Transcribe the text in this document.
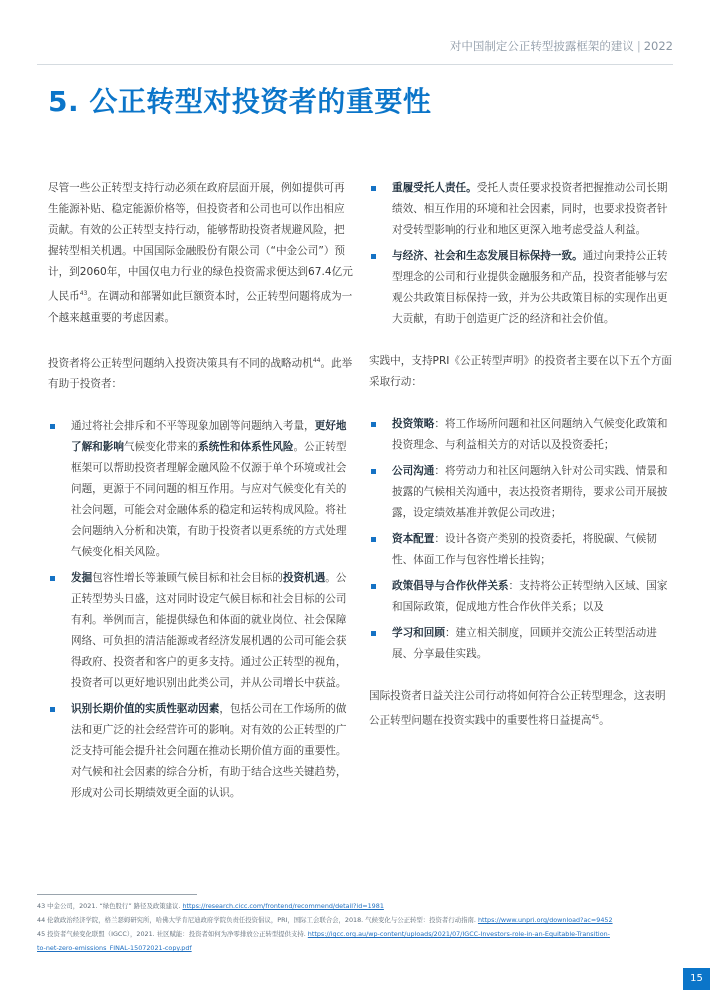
对中国制定公正转型披露框架的建议 | 2022
5. 公正转型对投资者的重要性

尽管一些公正转型支持行动必须在政府层面开展，例如提供可再生能源补贴、稳定能源价格等，但投资者和公司也可以作出相应贡献。有效的公正转型支持行动，能够帮助投资者规避风险，把握转型相关机遇。中国国际金融股份有限公司（“中金公司”）预计，到2060年，中国仅电力行业的绿色投资需求便达到67.4亿元人民币$^{43}$。在调动和部署如此巨额资本时，公正转型问题将成为一个越来越重要的考虑因素。

投资者将公正转型问题纳入投资决策具有不同的战略动机$^{44}$。此举有助于投资者：

通过将社会排斥和不平等现象加剧等问题纳入考量，更好地了解和影响气候变化带来的系统性和体系性风险。公正转型框架可以帮助投资者理解金融风险不仅源于单个环境或社会问题，更源于不同问题的相互作用。与应对气候变化有关的社会问题，可能会对金融体系的稳定和运转构成风险。将社会问题纳入分析和决策，有助于投资者以更系统的方式处理气候变化相关风险。
发掘包容性增长等兼顾气候目标和社会目标的投资机遇。公正转型势头日盛，这对同时设定气候目标和社会目标的公司有利。举例而言，能提供绿色和体面的就业岗位、社会保障网络、可负担的清洁能源或者经济发展机遇的公司可能会获得政府、投资者和客户的更多支持。通过公正转型的视角，投资者可以更好地识别出此类公司，并从公司增长中获益。
识别长期价值的实质性驱动因素，包括公司在工作场所的做法和更广泛的社会经营许可的影响。对有效的公正转型的广泛支持可能会提升社会问题在推动长期价值方面的重要性。对气候和社会因素的综合分析，有助于结合这些关键趋势，形成对公司长期绩效更全面的认识。
重履受托人责任。受托人责任要求投资者把握推动公司长期绩效、相互作用的环境和社会因素，同时，也要求投资者针对受转型影响的行业和地区更深入地考虑受益人利益。
与经济、社会和生态发展目标保持一致。通过向秉持公正转型理念的公司和行业提供金融服务和产品，投资者能够与宏观公共政策目标保持一致，并为公共政策目标的实现作出更大贡献，有助于创造更广泛的经济和社会价值。

实践中，支持PRI《公正转型声明》的投资者主要在以下五个方面采取行动：

投资策略：将工作场所问题和社区问题纳入气候变化政策和投资理念、与利益相关方的对话以及投资委托；
公司沟通：将劳动力和社区问题纳入针对公司实践、情景和披露的气候相关沟通中，表达投资者期待，要求公司开展披露，设定绩效基准并敦促公司改进；
资本配置：设计各资产类别的投资委托，将脱碳、气候韧性、体面工作与包容性增长挂钩；
政策倡导与合作伙伴关系：支持将公正转型纳入区域、国家和国际政策，促成地方性合作伙伴关系；以及
学习和回顾：建立相关制度，回顾并交流公正转型活动进展、分享最佳实践。

国际投资者日益关注公司行动将如何符合公正转型理念，这表明公正转型问题在投资实践中的重要性将日益提高$^{45}$。

43 中金公司，2021. “绿色股行” 路径及政策建议. https://research.cicc.com/frontend/recommend/detail?id=1981
44 伦敦政治经济学院，格兰瑟姆研究所，哈佛大学肯尼迪政府学院负责任投资倡议，PRI，国际工会联合会，2018. 气候变化与公正转型：投资者行动指南. https://www.unpri.org/download?ac=9452
45 投资者气候变化联盟（IGCC），2021. 社区赋能：投资者如何为净零排放公正转型提供支持. https://igcc.org.au/wp-content/uploads/2021/07/IGCC-Investors-role-in-an-Equitable-Transition-
to-net-zero-emissions_FINAL-15072021-copy.pdf
15
